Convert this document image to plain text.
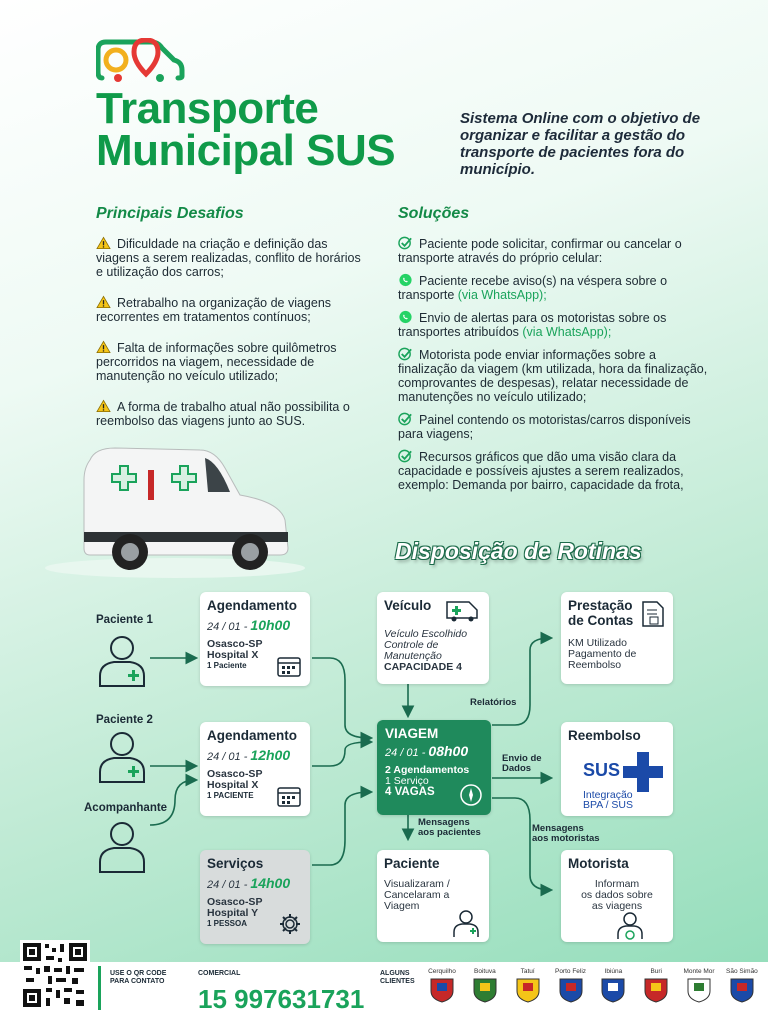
Transporte
Municipal SUS
Sistema Online com o objetivo de organizar e facilitar a gestão do transporte de pacientes fora do município.
Principais Desafios
Dificuldade na criação e definição das viagens a serem realizadas, conflito de horários e utilização dos carros;
Retrabalho na organização de viagens recorrentes em tratamentos contínuos;
Falta de informações sobre quilômetros percorridos na viagem, necessidade de manutenção no veículo utilizado;
A forma de trabalho atual não possibilita o reembolso das viagens junto ao SUS.
Soluções
Paciente pode solicitar, confirmar ou cancelar o transporte através do próprio celular:
Paciente recebe aviso(s) na véspera sobre o transporte (via WhatsApp);
Envio de alertas para os motoristas sobre os transportes atribuídos (via WhatsApp);
Motorista pode enviar informações sobre a finalização da viagem (km utilizada, hora da finalização, comprovantes de despesas), relatar necessidade de manutenções no veículo utilizado;
Painel contendo os motoristas/carros disponíveis para viagens;
Recursos gráficos que dão uma visão clara da capacidade e possíveis ajustes a serem realizados, exemplo: Demanda por bairro, capacidade da frota,
Disposição de Rotinas
Paciente 1
Paciente 2
Acompanhante
Agendamento
24 / 01 - 10h00
Osasco-SP
Hospital X
1 Paciente
Agendamento
24 / 01 - 12h00
Osasco-SP
Hospital X
1 PACIENTE
Serviços
24 / 01 - 14h00
Osasco-SP
Hospital Y
1 PESSOA
Veículo
Veículo Escolhido
Controle de
Manutenção
CAPACIDADE 4
VIAGEM
24 / 01 - 08h00
2 Agendamentos
1 Serviço
4 VAGAS
Prestação
de Contas
KM Utilizado
Pagamento de
Reembolso
Reembolso
SUS
Integração
BPA / SUS
Paciente
Visualizaram /
Cancelaram a
Viagem
Motorista
Informam
os dados sobre
as viagens
Relatórios
Envio de
Dados
Mensagens
aos pacientes	Mensagens
aos motoristas
USE O QR CODE
PARA CONTATO
COMERCIAL
15 997631731
ALGUNS
CLIENTES
Cerquilho	Boituva	Tatuí	Porto Feliz	Ibiúna	Buri	Monte Mor	São Simão
